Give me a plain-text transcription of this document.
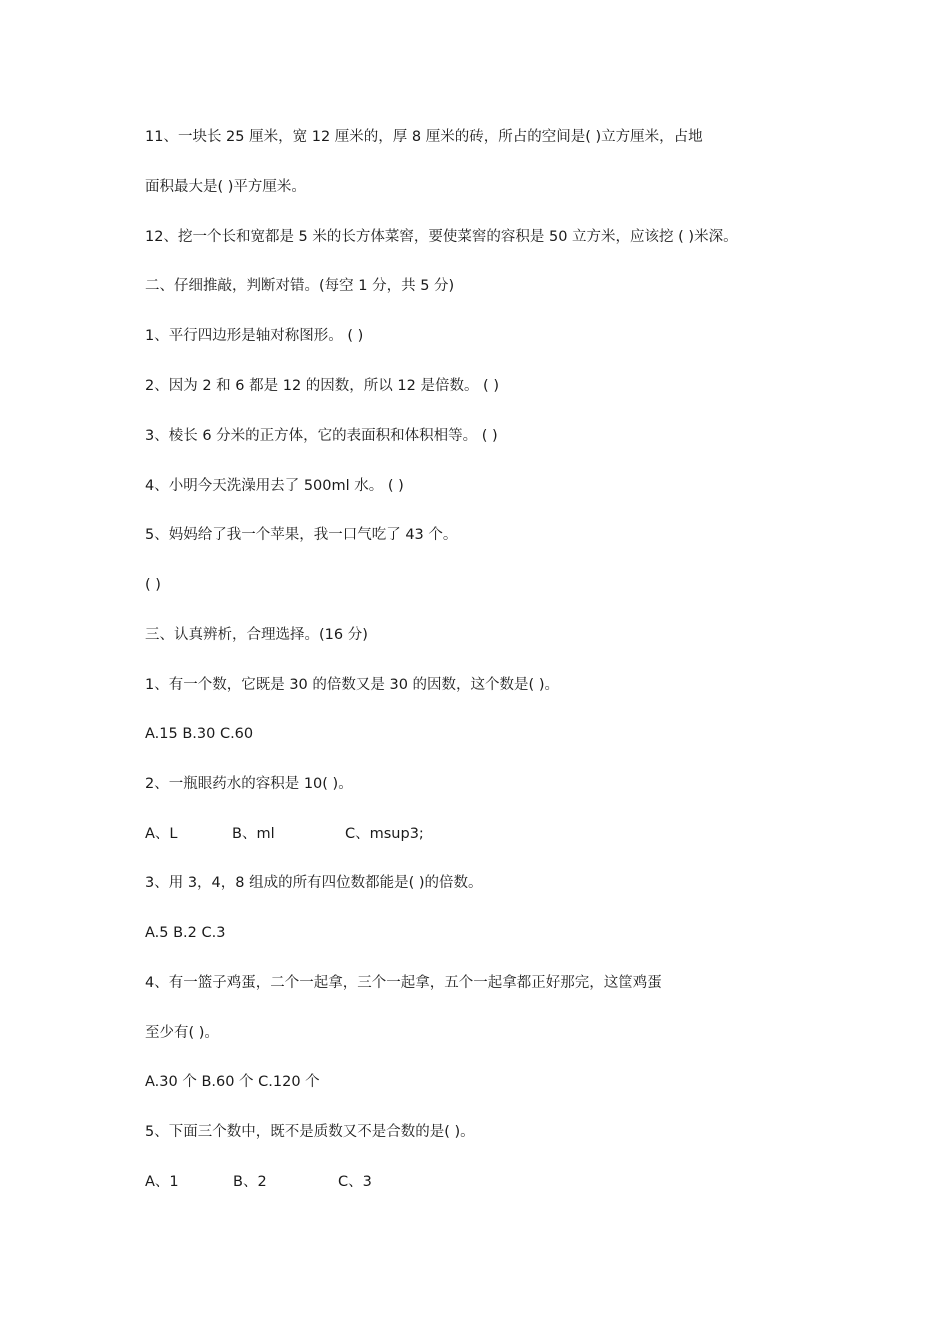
11、一块长 25 厘米，宽 12 厘米的，厚 8 厘米的砖，所占的空间是( )立方厘米，占地
面积最大是( )平方厘米。
12、挖一个长和宽都是 5 米的长方体菜窖，要使菜窖的容积是 50 立方米，应该挖 ( )米深。
二、仔细推敲，判断对错。(每空 1 分，共 5 分)
1、平行四边形是轴对称图形。 ( )
2、因为 2 和 6 都是 12 的因数，所以 12 是倍数。 ( )
3、棱长 6 分米的正方体，它的表面积和体积相等。 ( )
4、小明今天洗澡用去了 500ml 水。 ( )
5、妈妈给了我一个苹果，我一口气吃了 43 个。
( )
三、认真辨析，合理选择。(16 分)
1、有一个数，它既是 30 的倍数又是 30 的因数，这个数是( )。
A.15 B.30 C.60
2、一瓶眼药水的容积是 10( )。
A、L	B、ml	C、msup3;
3、用 3，4，8 组成的所有四位数都能是( )的倍数。
A.5 B.2 C.3
4、有一篮子鸡蛋，二个一起拿，三个一起拿，五个一起拿都正好那完，这筐鸡蛋
至少有( )。
A.30 个 B.60 个 C.120 个
5、下面三个数中，既不是质数又不是合数的是( )。
A、1	B、2	C、3
